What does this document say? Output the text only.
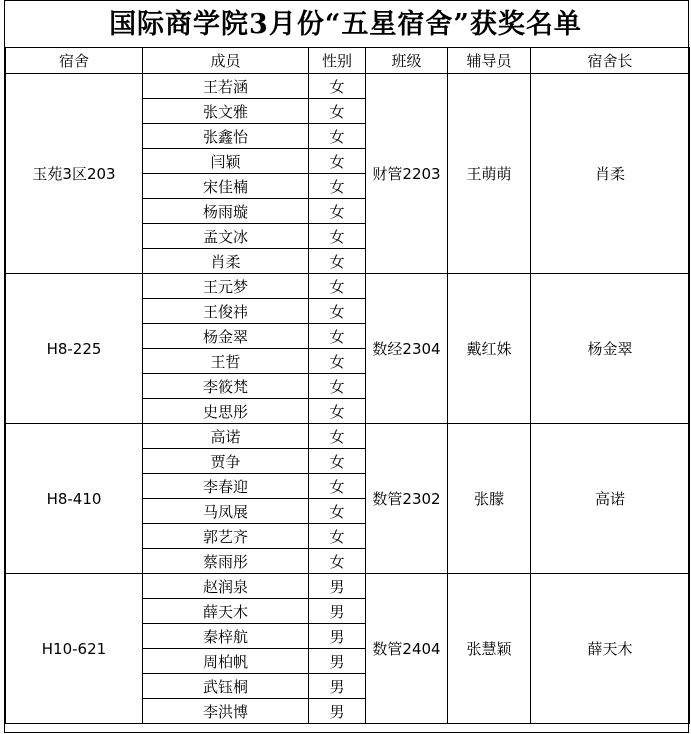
国际商学院3月份“五星宿舍”获奖名单
宿舍	成员	性别	班级	辅导员	宿舍长
玉苑3区203	王若涵	女	财管2203	王萌萌	肖柔
	张文雅	女			
	张鑫怡	女			
	闫颖	女			
	宋佳楠	女			
	杨雨璇	女			
	孟文冰	女			
	肖柔	女			
H8-225	王元梦	女	数经2304	戴红姝	杨金翠
	王俊祎	女			
	杨金翠	女			
	王哲	女			
	李筱梵	女			
	史思彤	女			
H8-410	高诺	女	数管2302	张朦	高诺
	贾争	女			
	李春迎	女			
	马凤展	女			
	郭艺齐	女			
	蔡雨彤	女			
H10-621	赵润泉	男	数管2404	张慧颖	薛天木
	薛天木	男			
	秦梓航	男			
	周柏帆	男			
	武钰桐	男			
	李洪博	男			
